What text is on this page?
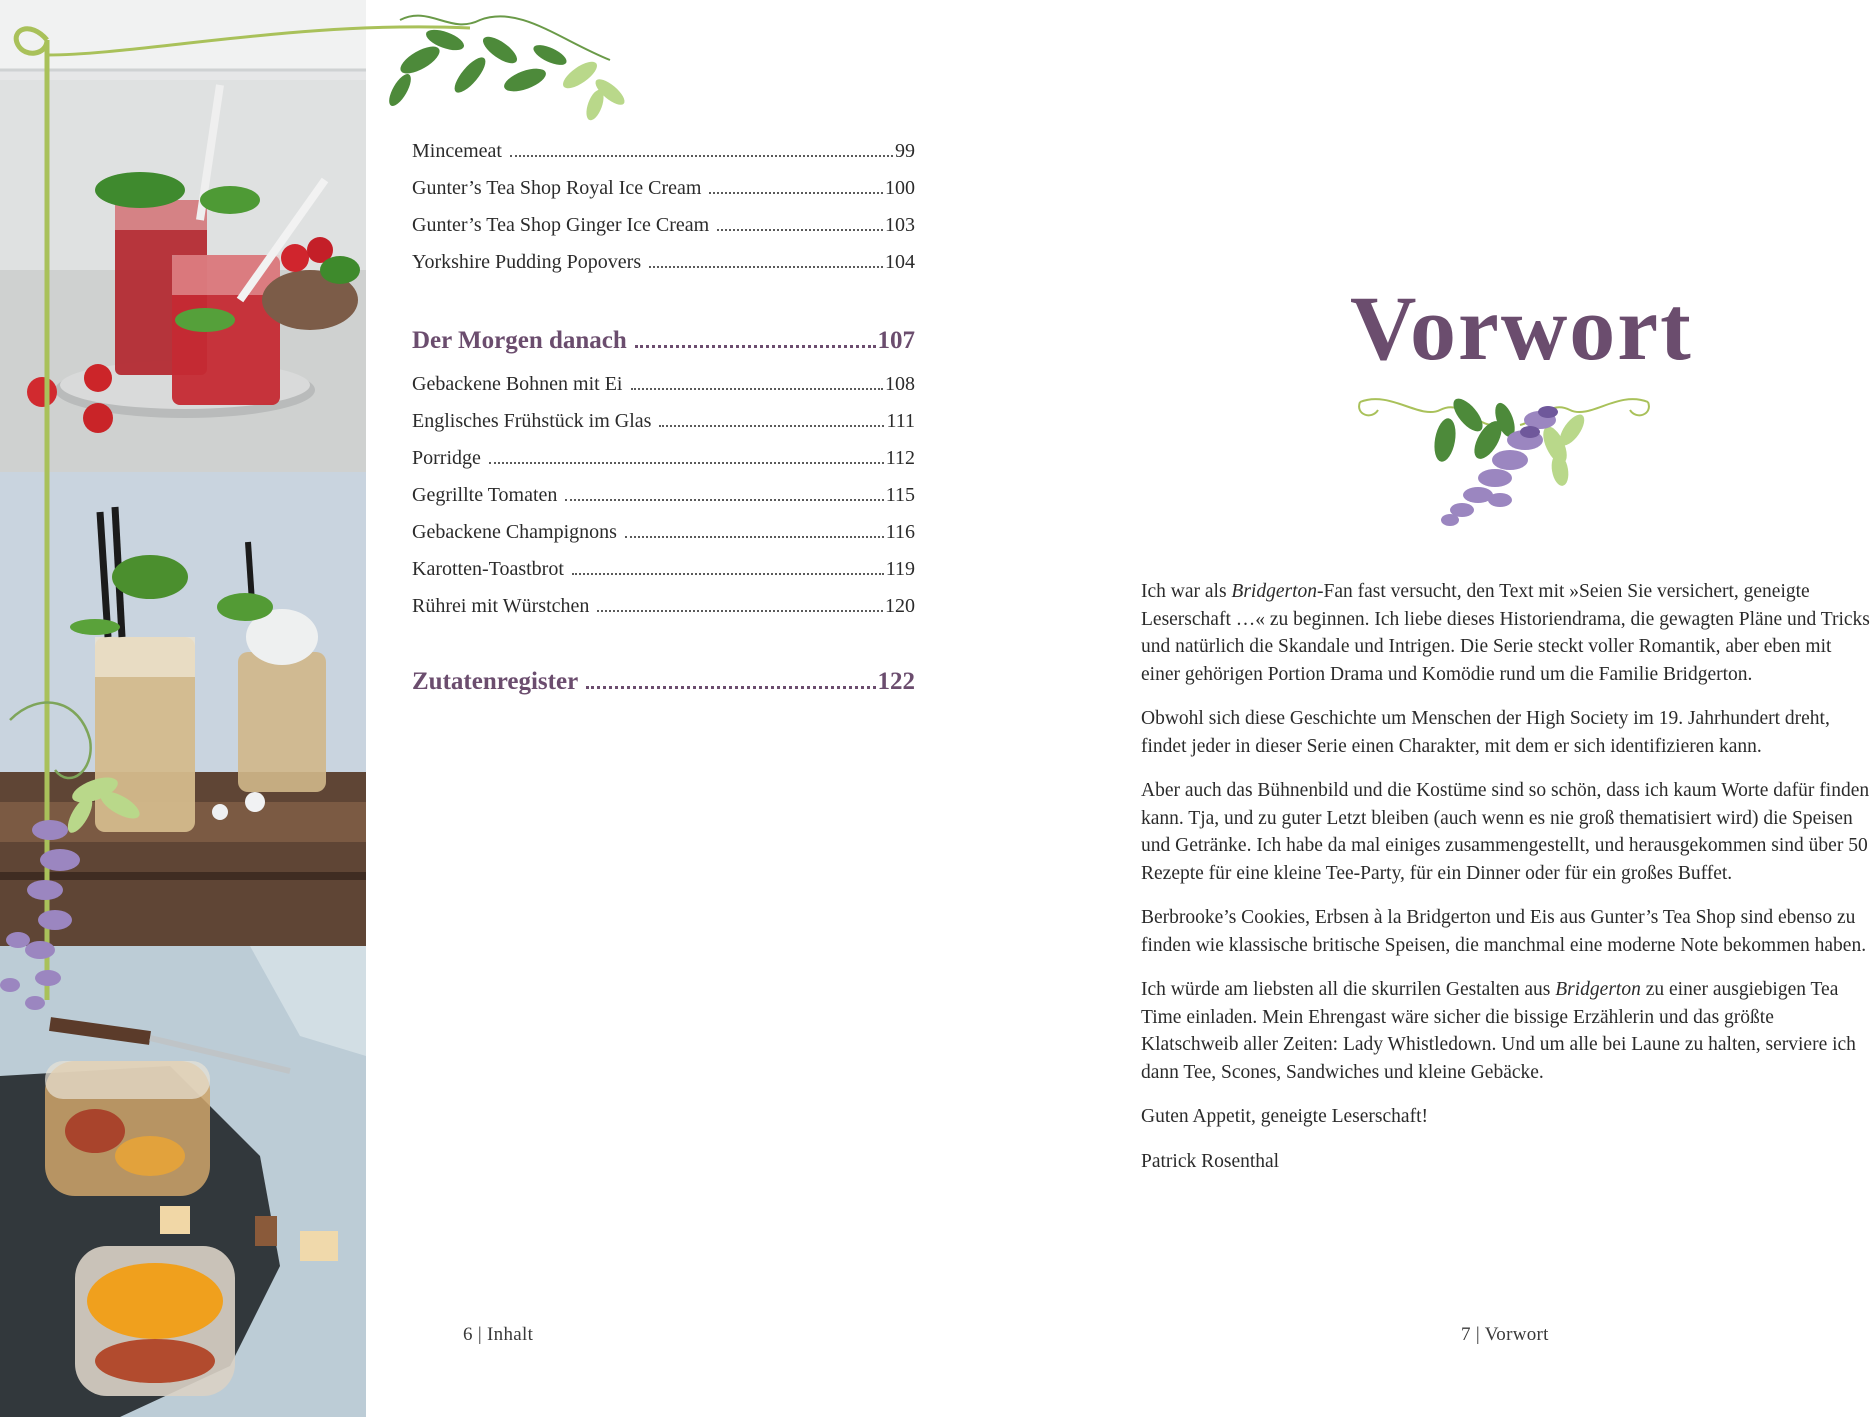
Mincemeat	99
Gunter’s Tea Shop Royal Ice Cream	100
Gunter’s Tea Shop Ginger Ice Cream	103
Yorkshire Pudding Popovers	104
Der Morgen danach	107
Gebackene Bohnen mit Ei	108
Englisches Frühstück im Glas	111
Porridge	112
Gegrillte Tomaten	115
Gebackene Champignons	116
Karotten-Toastbrot	119
Rührei mit Würstchen	120
Zutatenregister	122
6 | Inhalt
Vorwort

Ich war als Bridgerton-Fan fast versucht, den Text mit »Seien Sie versichert, geneigte Leserschaft …« zu beginnen. Ich liebe dieses Historiendrama, die gewagten Pläne und Tricks und natürlich die Skandale und Intrigen. Die Serie steckt voller Romantik, aber eben mit einer gehörigen Portion Drama und Komödie rund um die Familie Bridgerton.

Obwohl sich diese Geschichte um Menschen der High Society im 19. Jahrhundert dreht, findet jeder in dieser Serie einen Charakter, mit dem er sich identifizieren kann.

Aber auch das Bühnenbild und die Kostüme sind so schön, dass ich kaum Worte dafür finden kann. Tja, und zu guter Letzt bleiben (auch wenn es nie groß thematisiert wird) die Speisen und Getränke. Ich habe da mal einiges zusammengestellt, und herausgekommen sind über 50 Rezepte für eine kleine Tee-Party, für ein Dinner oder für ein großes Buffet.

Berbrooke’s Cookies, Erbsen à la Bridgerton und Eis aus Gunter’s Tea Shop sind ebenso zu finden wie klassische britische Speisen, die manchmal eine moderne Note bekommen haben.

Ich würde am liebsten all die skurrilen Gestalten aus Bridgerton zu einer ausgiebigen Tea Time einladen. Mein Ehrengast wäre sicher die bissige Erzählerin und das größte Klatschweib aller Zeiten: Lady Whistledown. Und um alle bei Laune zu halten, serviere ich dann Tee, Scones, Sandwiches und kleine Gebäcke.

Guten Appetit, geneigte Leserschaft!

Patrick Rosenthal

7 | Vorwort
